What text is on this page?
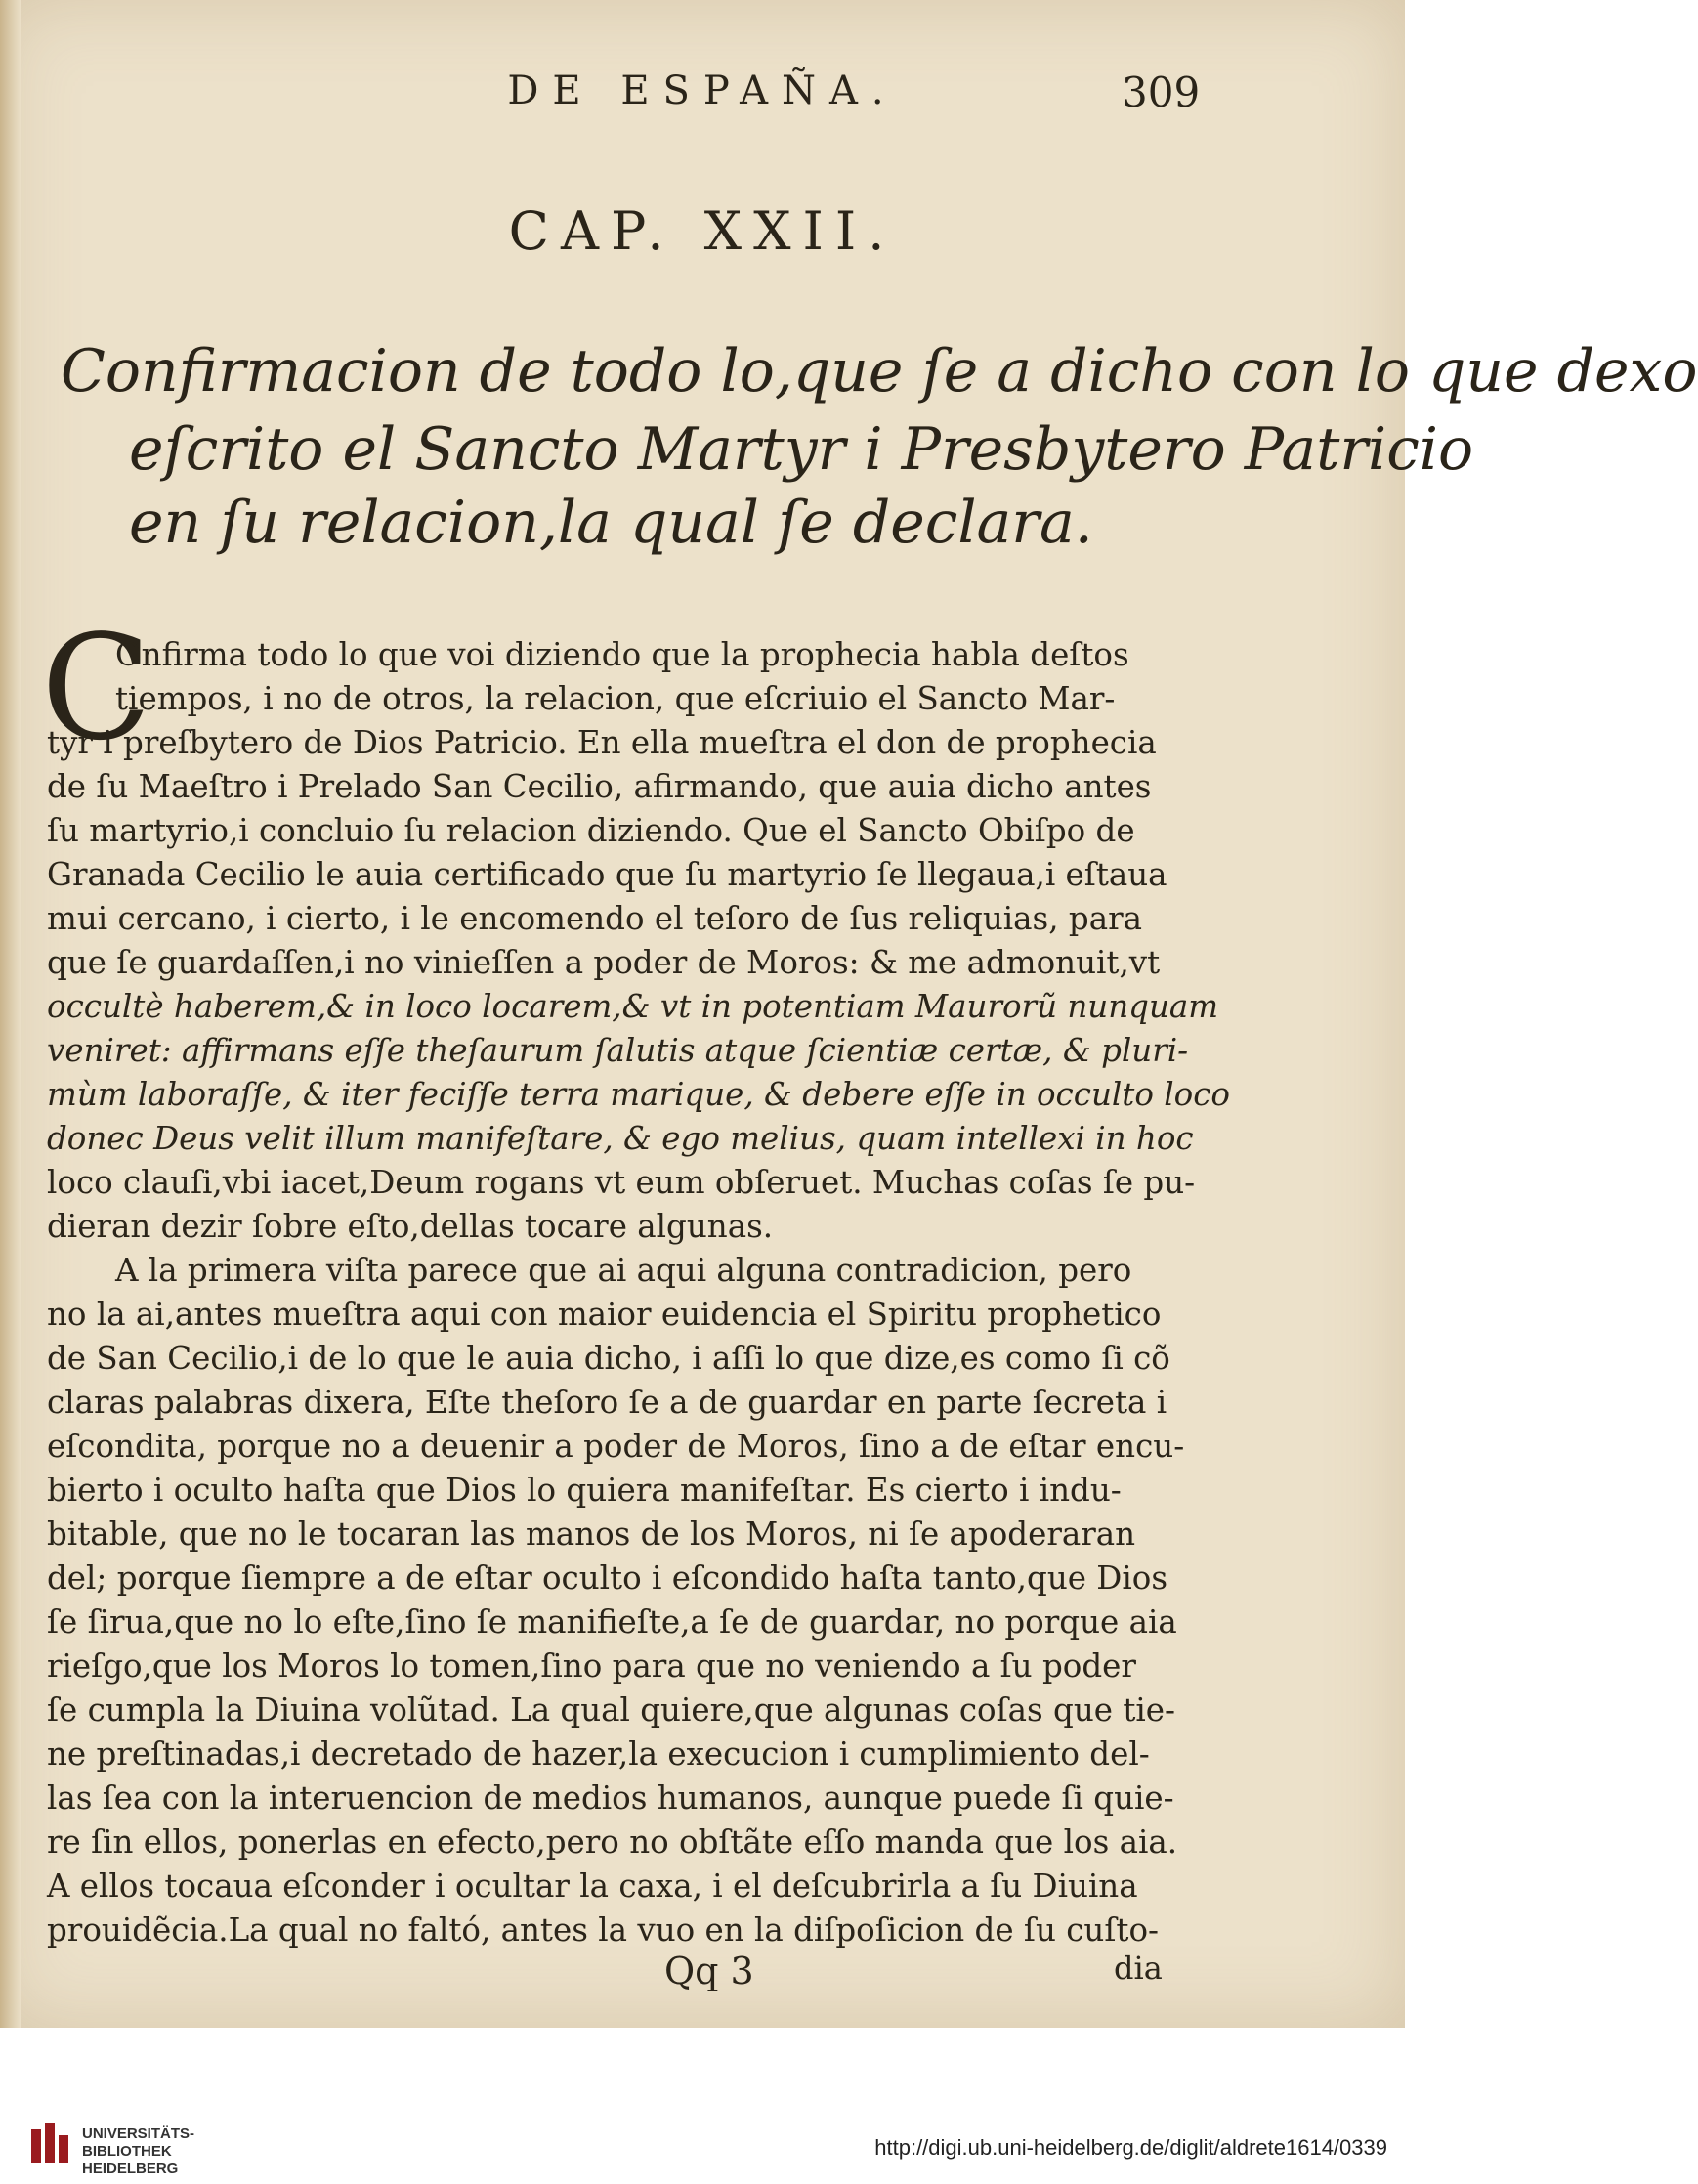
DE ESPAÑA.	309
CAP. XXII.
Confirmacion de todo lo,que ſe a dicho con lo que dexo
eſcrito el Sancto Martyr i Presbytero Patricio
en ſu relacion,la qual ſe declara.
C
Onfirma todo lo que voi diziendo que la prophecia habla deſtos
tiempos, i no de otros, la relacion, que eſcriuio el Sancto Mar-
tyr i preſbytero de Dios Patricio. En ella mueſtra el don de prophecia
de ſu Maeſtro i Prelado San Cecilio, afirmando, que auia dicho antes
ſu martyrio,i concluio ſu relacion diziendo. Que el Sancto Obiſpo de
Granada Cecilio le auia certificado que ſu martyrio ſe llegaua,i eſtaua
mui cercano, i cierto, i le encomendo el teſoro de ſus reliquias, para
que ſe guardaſſen,i no vinieſſen a poder de Moros: & me admonuit,vt
occultè haberem,& in loco locarem,& vt in potentiam Maurorũ nunquam
veniret: affirmans eſſe theſaurum ſalutis atque ſcientiæ certæ, & pluri-
mùm laboraſſe, & iter feciſſe terra marique, & debere eſſe in occulto loco
donec Deus velit illum manifeſtare, & ego melius, quam intellexi in hoc
loco clauſi,vbi iacet,Deum rogans vt eum obſeruet. Muchas coſas ſe pu-
dieran dezir ſobre eſto,dellas tocare algunas.
A la primera viſta parece que ai aqui alguna contradicion, pero
no la ai,antes mueſtra aqui con maior euidencia el Spiritu prophetico
de San Cecilio,i de lo que le auia dicho, i aſſi lo que dize,es como ſi cõ
claras palabras dixera, Eſte theſoro ſe a de guardar en parte ſecreta i
eſcondita, porque no a deuenir a poder de Moros, ſino a de eſtar encu-
bierto i oculto haſta que Dios lo quiera manifeſtar. Es cierto i indu-
bitable, que no le tocaran las manos de los Moros, ni ſe apoderaran
del; porque ſiempre a de eſtar oculto i eſcondido haſta tanto,que Dios
ſe ſirua,que no lo eſte,ſino ſe manifieſte,a ſe de guardar, no porque aia
rieſgo,que los Moros lo tomen,ſino para que no veniendo a ſu poder
ſe cumpla la Diuina volũtad. La qual quiere,que algunas coſas que tie-
ne preſtinadas,i decretado de hazer,la execucion i cumplimiento del-
las ſea con la interuencion de medios humanos, aunque puede ſi quie-
re ſin ellos, ponerlas en efecto,pero no obſtãte eſſo manda que los aia.
A ellos tocaua eſconder i ocultar la caxa, i el deſcubrirla a ſu Diuina
prouidẽcia.La qual no faltó, antes la vuo en la diſpoſicion de ſu cuſto-
Qq 3	dia
UNIVERSITÄTS-
BIBLIOTHEK
HEIDELBERG
http://digi.ub.uni-heidelberg.de/diglit/aldrete1614/0339
